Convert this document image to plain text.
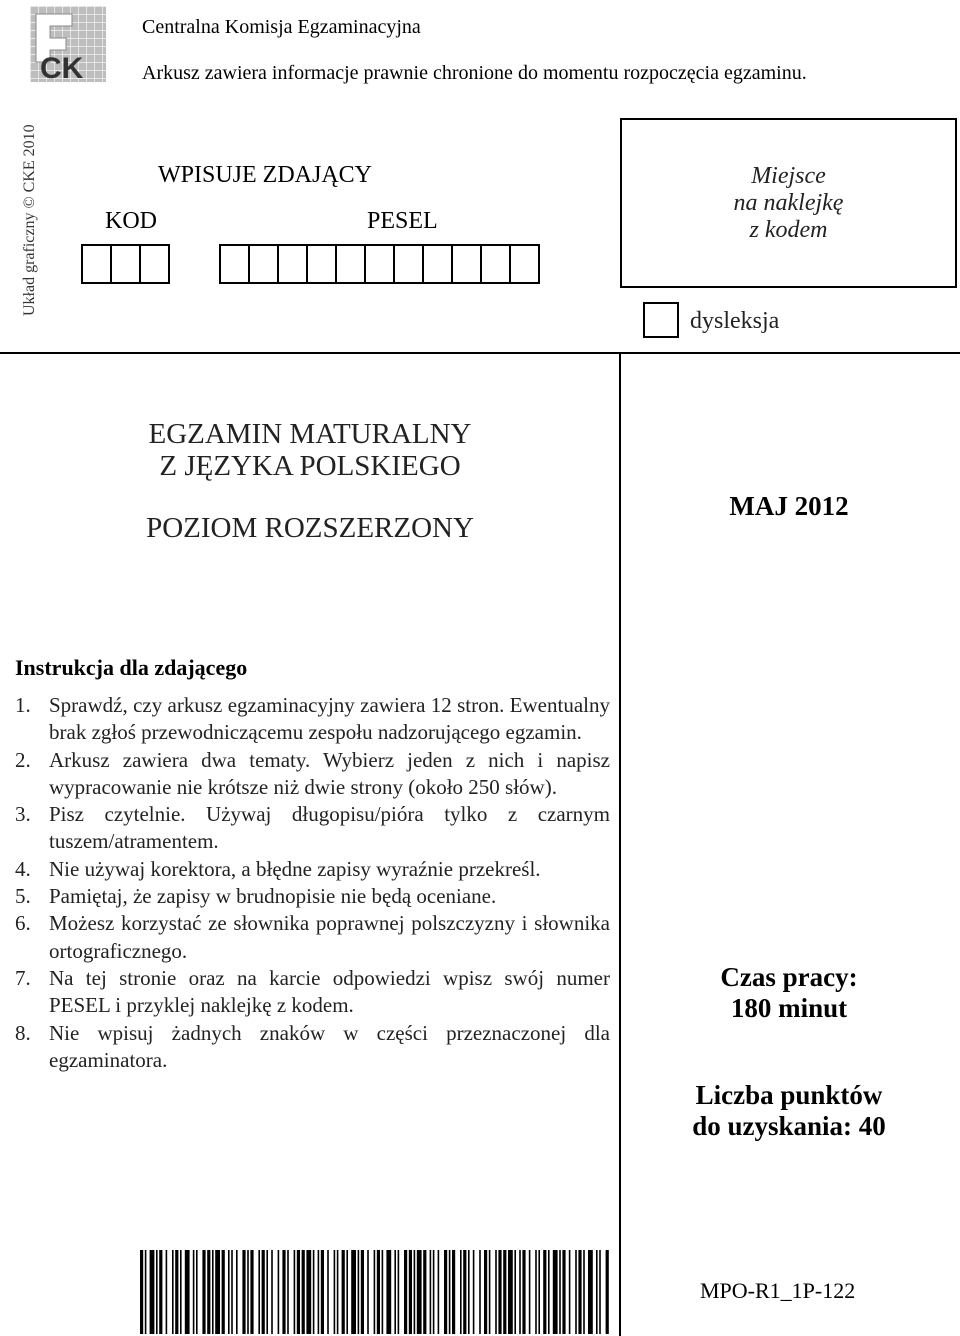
CK
Centralna Komisja Egzaminacyjna
Arkusz zawiera informacje prawnie chronione do momentu rozpoczęcia egzaminu.
Układ graficzny © CKE 2010	WPISUJE ZDAJĄCY
KOD	PESEL
Miejsce
na naklejkę
z kodem
dysleksja
EGZAMIN MATURALNY
Z JĘZYKA POLSKIEGO
POZIOM ROZSZERZONY
MAJ 2012
Instrukcja dla zdającego
1. Sprawdź, czy arkusz egzaminacyjny zawiera 12 stron. Ewentualny brak zgłoś przewodniczącemu zespołu nadzorującego egzamin.
2. Arkusz zawiera dwa tematy. Wybierz jeden z nich i napisz wypracowanie nie krótsze niż dwie strony (około 250 słów).
3. Pisz czytelnie. Używaj długopisu/pióra tylko z czarnym tuszem/atramentem.
4. Nie używaj korektora, a błędne zapisy wyraźnie przekreśl.
5. Pamiętaj, że zapisy w brudnopisie nie będą oceniane.
6. Możesz korzystać ze słownika poprawnej polszczyzny i słownika ortograficznego.
7. Na tej stronie oraz na karcie odpowiedzi wpisz swój numer PESEL i przyklej naklejkę z kodem.
8. Nie wpisuj żadnych znaków w części przeznaczonej dla egzaminatora.
Czas pracy:
180 minut
Liczba punktów
do uzyskania: 40
MPO-R1_1P-122
